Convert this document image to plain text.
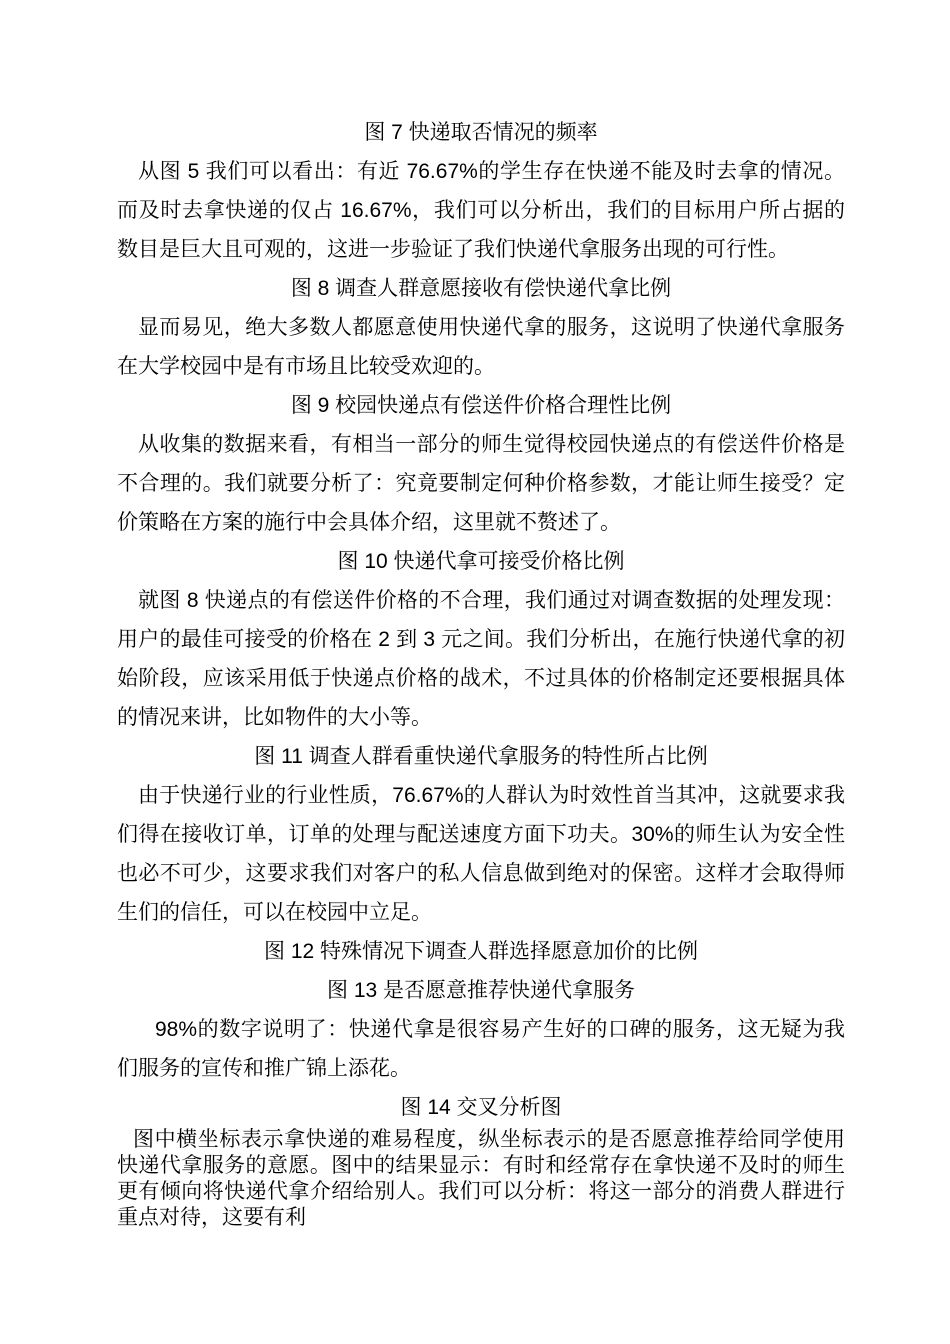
图 7 快递取否情况的频率
从图 5 我们可以看出：有近 76.67%的学生存在快递不能及时去拿的情况。而及时去拿快递的仅占 16.67%，我们可以分析出，我们的目标用户所占据的数目是巨大且可观的，这进一步验证了我们快递代拿服务出现的可行性。
图 8 调查人群意愿接收有偿快递代拿比例
显而易见，绝大多数人都愿意使用快递代拿的服务，这说明了快递代拿服务在大学校园中是有市场且比较受欢迎的。
图 9 校园快递点有偿送件价格合理性比例
从收集的数据来看，有相当一部分的师生觉得校园快递点的有偿送件价格是不合理的。我们就要分析了：究竟要制定何种价格参数，才能让师生接受？定价策略在方案的施行中会具体介绍，这里就不赘述了。
图 10 快递代拿可接受价格比例
就图 8 快递点的有偿送件价格的不合理，我们通过对调查数据的处理发现：用户的最佳可接受的价格在 2 到 3 元之间。我们分析出，在施行快递代拿的初始阶段，应该采用低于快递点价格的战术，不过具体的价格制定还要根据具体的情况来讲，比如物件的大小等。
图 11 调查人群看重快递代拿服务的特性所占比例
由于快递行业的行业性质，76.67%的人群认为时效性首当其冲，这就要求我们得在接收订单，订单的处理与配送速度方面下功夫。30%的师生认为安全性也必不可少，这要求我们对客户的私人信息做到绝对的保密。这样才会取得师生们的信任，可以在校园中立足。
图 12 特殊情况下调查人群选择愿意加价的比例
图 13 是否愿意推荐快递代拿服务
98%的数字说明了：快递代拿是很容易产生好的口碑的服务，这无疑为我们服务的宣传和推广锦上添花。
图 14 交叉分析图
图中横坐标表示拿快递的难易程度，纵坐标表示的是否愿意推荐给同学使用快递代拿服务的意愿。图中的结果显示：有时和经常存在拿快递不及时的师生更有倾向将快递代拿介绍给别人。我们可以分析：将这一部分的消费人群进行重点对待，这要有利
